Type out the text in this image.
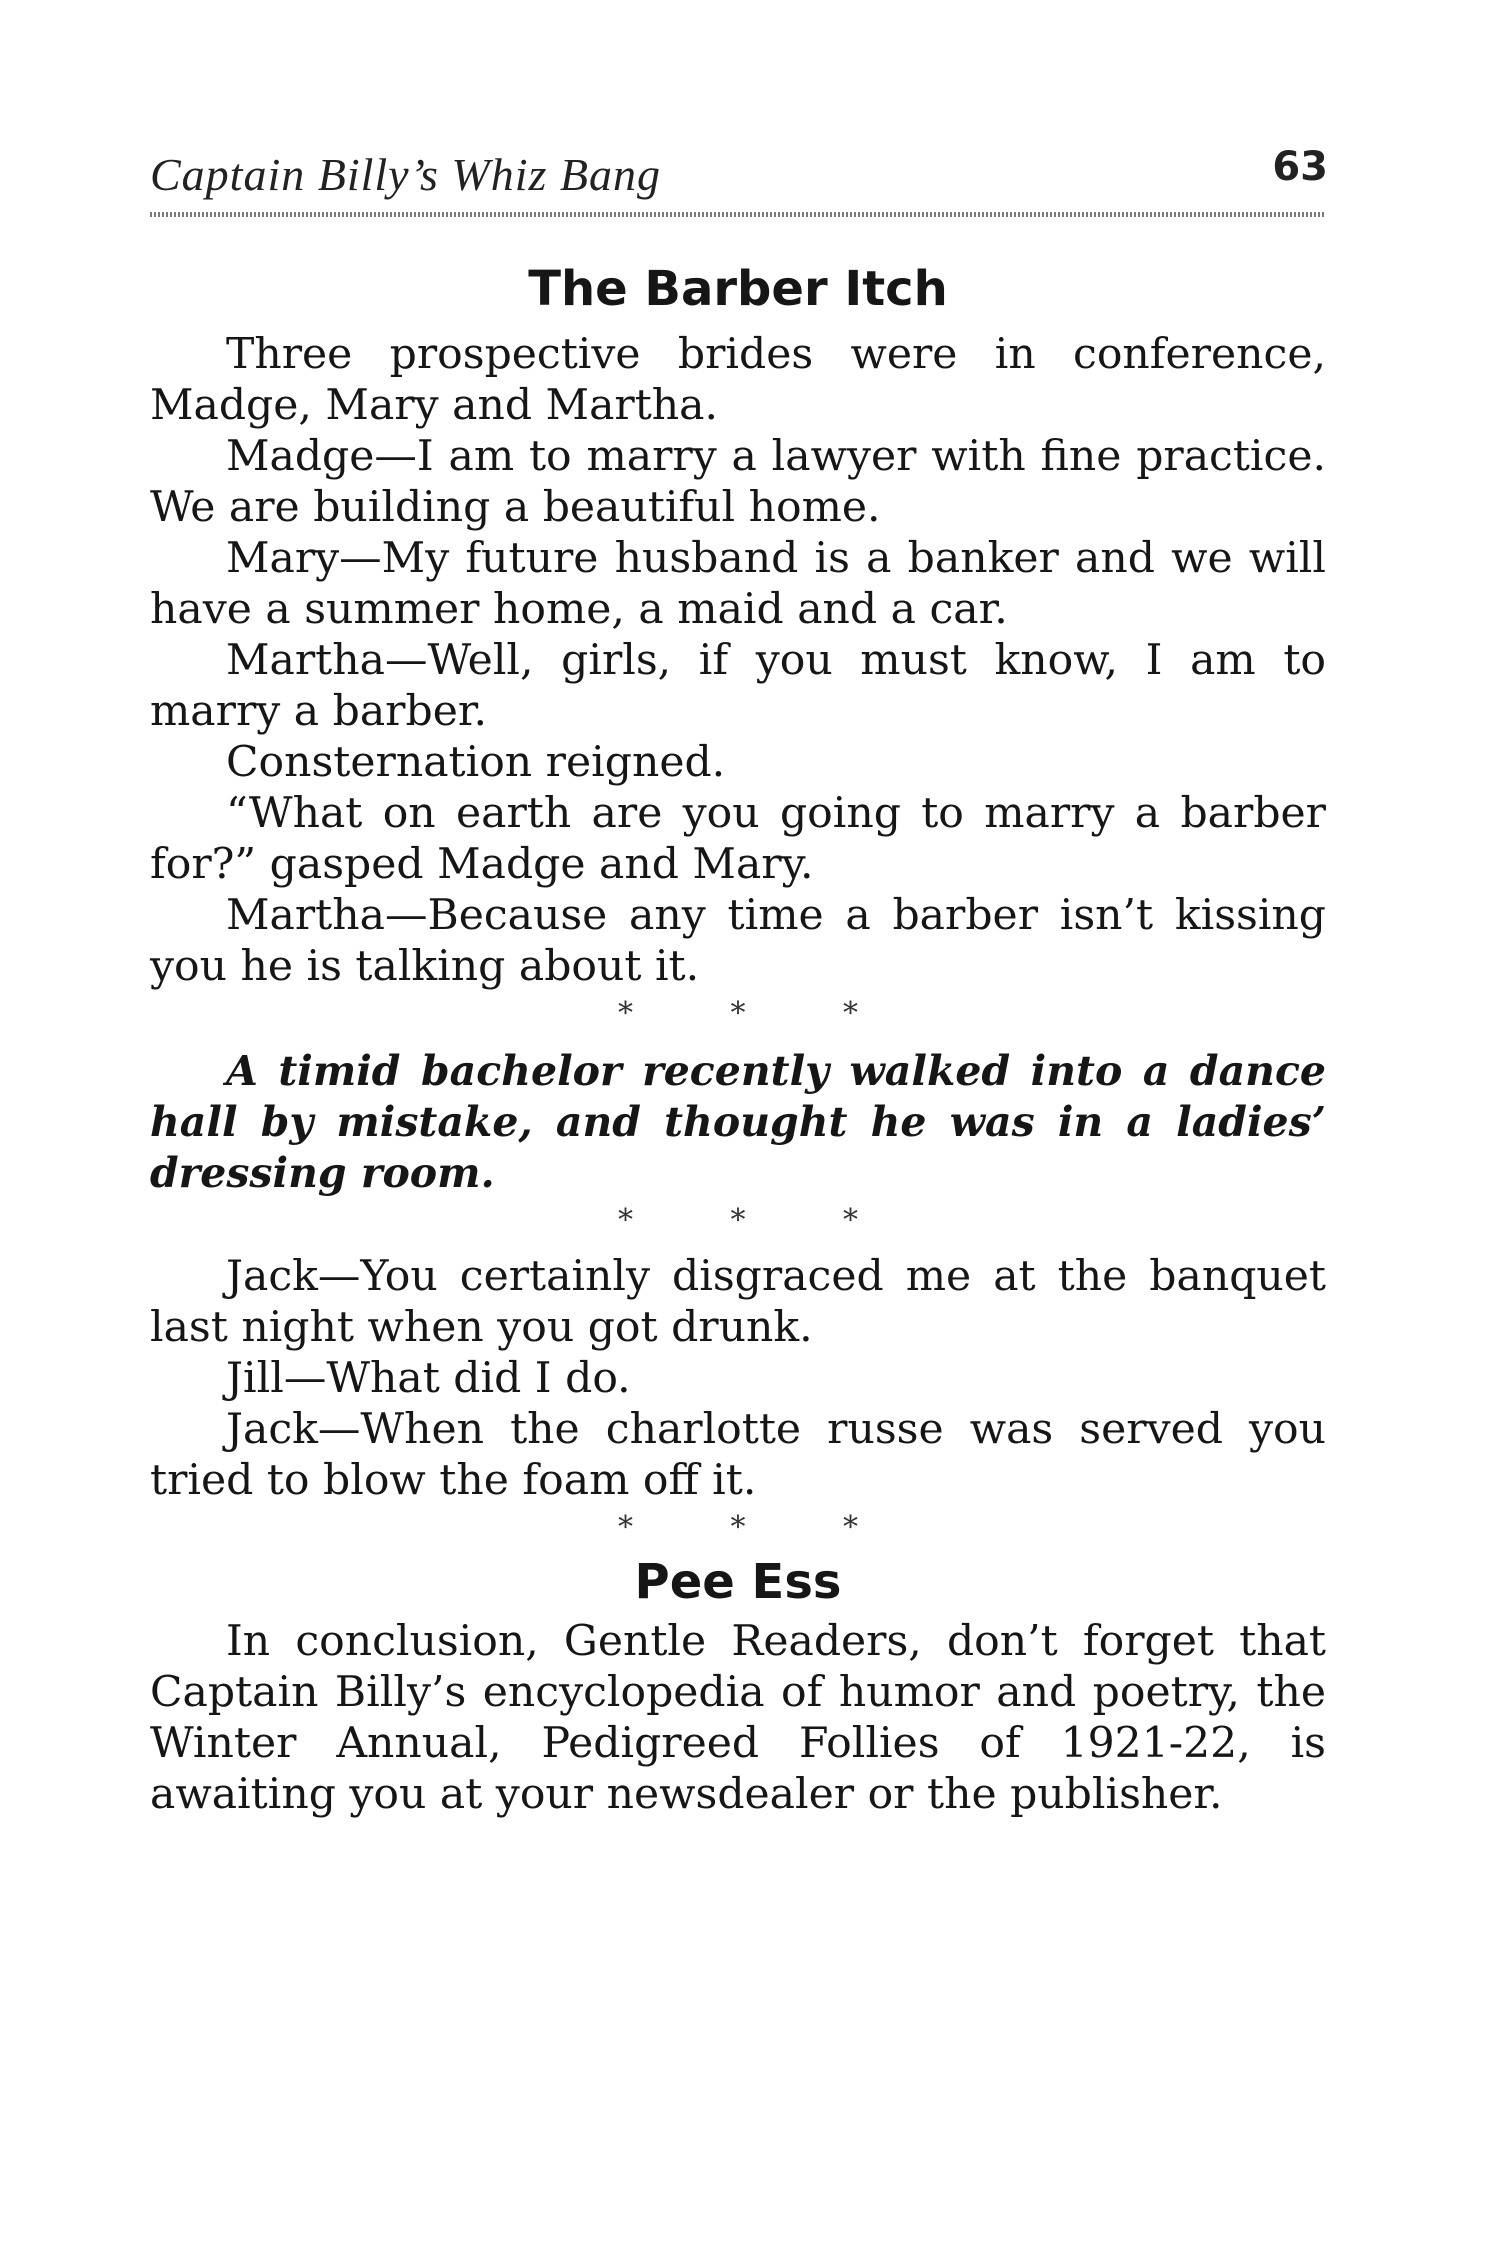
Captain Billy’s Whiz Bang	63
The Barber Itch

Three prospective brides were in conference, Madge, Mary and Martha.

Madge—I am to marry a lawyer with fine practice. We are building a beautiful home.

Mary—My future husband is a banker and we will have a summer home, a maid and a car.

Martha—Well, girls, if you must know, I am to marry a barber.

Consternation reigned.

“What on earth are you going to marry a barber for?” gasped Madge and Mary.

Martha—Because any time a barber isn’t kissing you he is talking about it.

* * *

A timid bachelor recently walked into a dance hall by mistake, and thought he was in a ladies’ dressing room.

* * *

Jack—You certainly disgraced me at the banquet last night when you got drunk.

Jill—What did I do.

Jack—When the charlotte russe was served you tried to blow the foam off it.

* * *

Pee Ess

In conclusion, Gentle Readers, don’t forget that Captain Billy’s encyclopedia of humor and poetry, the Winter Annual, Pedigreed Follies of 1921-22, is awaiting you at your newsdealer or the publisher.
